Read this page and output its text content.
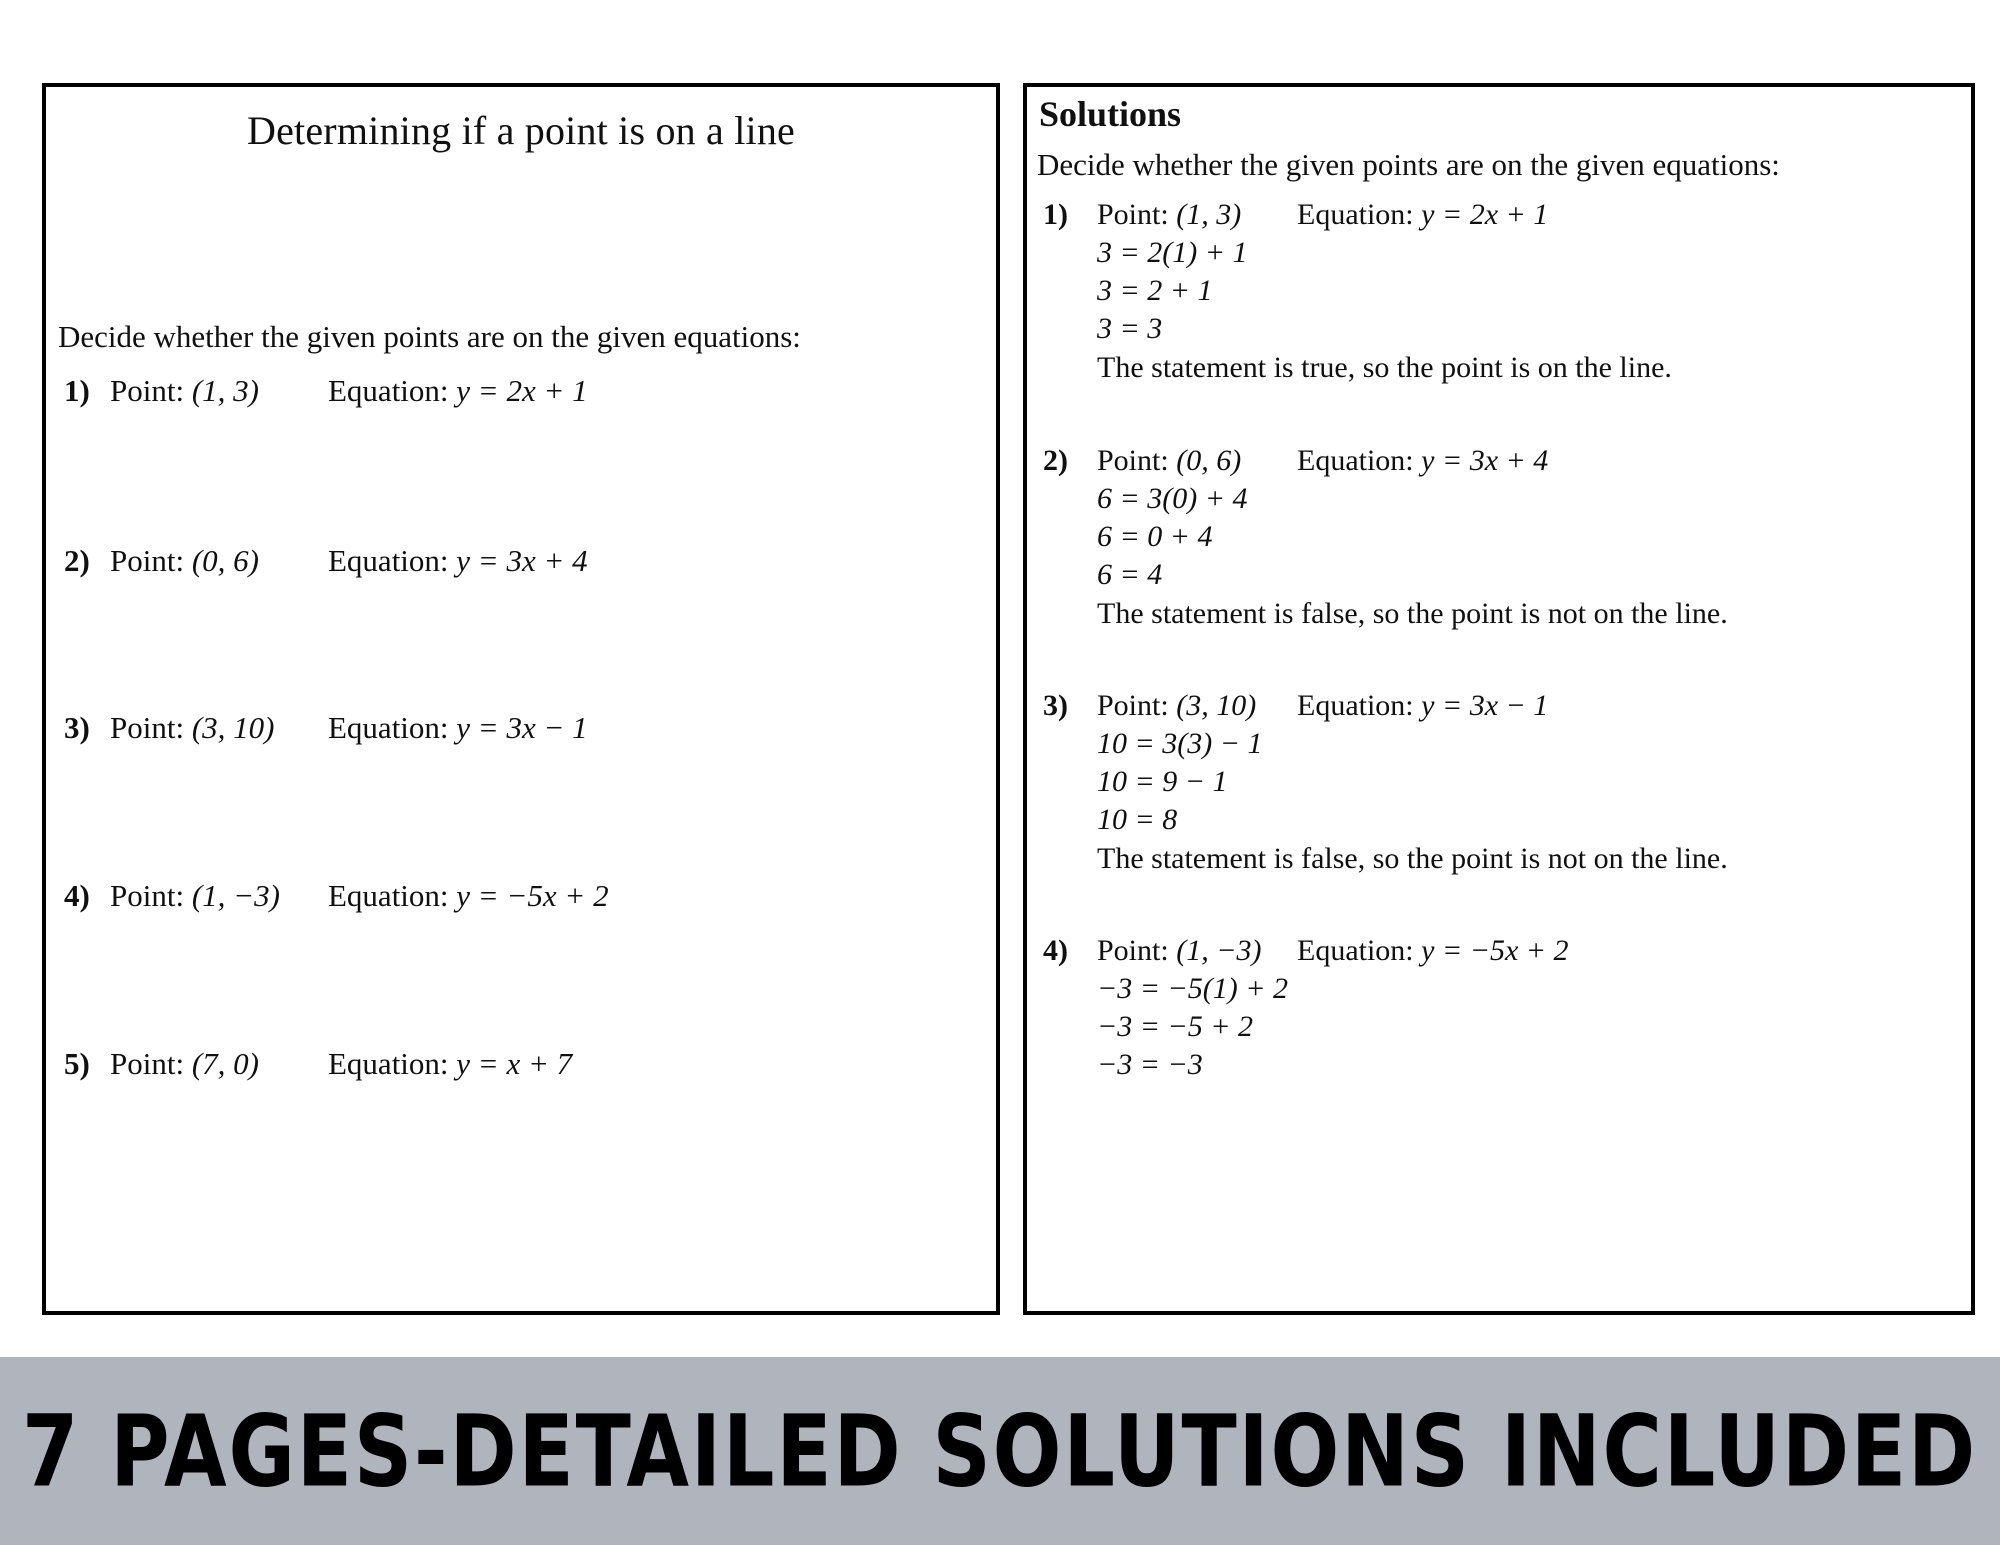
Determining if a point is on a line
Decide whether the given points are on the given equations:
1) Point: (1, 3)	Equation: y = 2x + 1
2) Point: (0, 6)	Equation: y = 3x + 4
3) Point: (3, 10)	Equation: y = 3x − 1
4) Point: (1, −3)	Equation: y = −5x + 2
5) Point: (7, 0)	Equation: y = x + 7
Solutions
Decide whether the given points are on the given equations:
1) Point: (1, 3)	Equation: y = 2x + 1
3 = 2(1) + 1
3 = 2 + 1
3 = 3
The statement is true, so the point is on the line.
2) Point: (0, 6)	Equation: y = 3x + 4
6 = 3(0) + 4
6 = 0 + 4
6 = 4
The statement is false, so the point is not on the line.
3) Point: (3, 10)	Equation: y = 3x − 1
10 = 3(3) − 1
10 = 9 − 1
10 = 8
The statement is false, so the point is not on the line.
4) Point: (1, −3)	Equation: y = −5x + 2
−3 = −5(1) + 2
−3 = −5 + 2
−3 = −3
7 PAGES-DETAILED SOLUTIONS INCLUDED
